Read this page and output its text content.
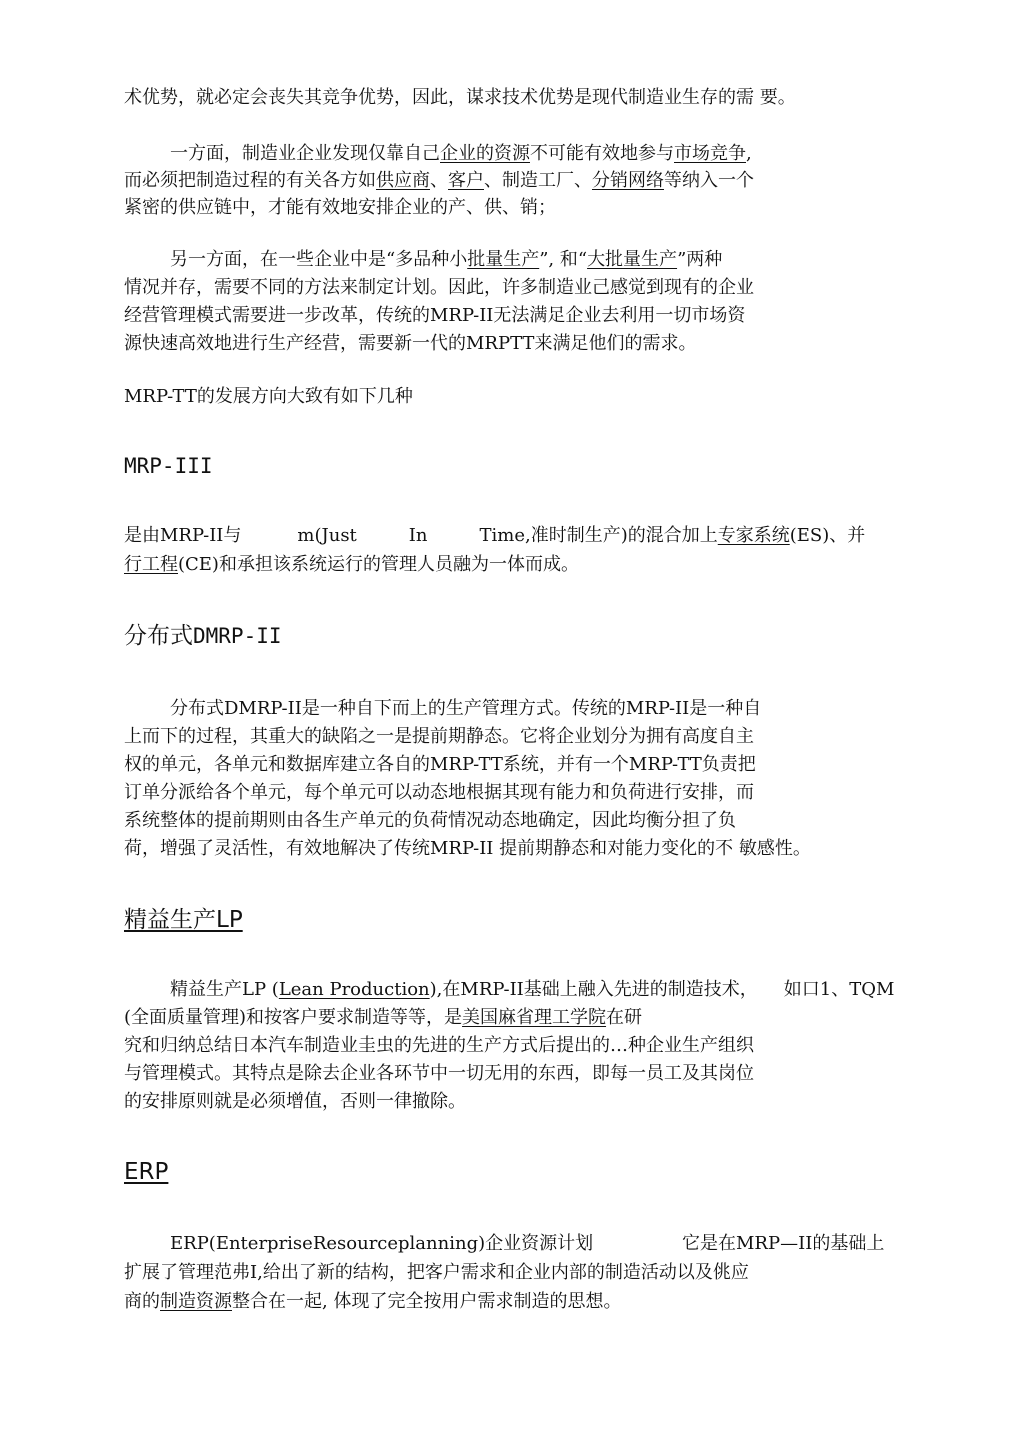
术优势，就必定会丧失其竞争优势，因此，谋求技术优势是现代制造业生存的需 要。
一方面，制造业企业发现仅靠自己企业的资源不可能有效地参与市场竞争,
而必须把制造过程的有关各方如供应商、客户、制造工厂、分销网络等纳入一个
紧密的供应链中，才能有效地安排企业的产、供、销；
另一方面，在一些企业中是“多品种小批量生产”, 和“大批量生产”两种
情况并存，需要不同的方法来制定计划。因此，许多制造业己感觉到现有的企业
经营管理模式需要进一步改革，传统的MRP-II无法满足企业去利用一切市场资
源快速高效地进行生产经营，需要新一代的MRPTT来满足他们的需求。
MRP-TT的发展方向大致有如下几种
MRP-III
是由MRP-II与	m(Just	In	Time,准时制生产)的混合加上专家系统(ES)、并
行工程(CE)和承担该系统运行的管理人员融为一体而成。
分布式DMRP-II
分布式DMRP-II是一种自下而上的生产管理方式。传统的MRP-II是一种自
上而下的过程，其重大的缺陷之一是提前期静态。它将企业划分为拥有高度自主
权的单元，各单元和数据库建立各自的MRP-TT系统，并有一个MRP-TT负责把
订单分派给各个单元，每个单元可以动态地根据其现有能力和负荷进行安排，而
系统整体的提前期则由各生产单元的负荷情况动态地确定，因此均衡分担了负
荷，增强了灵活性，有效地解决了传统MRP-II 提前期静态和对能力变化的不 敏感性。
精益生产LP
精益生产LP (Lean Production),在MRP-II基础上融入先进的制造技术， 如口1、TQM
(全面质量管理)和按客户要求制造等等，是美国麻省理工学院在研
究和归纳总结日本汽车制造业圭虫的先进的生产方式后提出的…种企业生产组织
与管理模式。其特点是除去企业各环节中一切无用的东西，即每一员工及其岗位
的安排原则就是必须增值，否则一律撤除。
ERP
ERP(EnterpriseResourceplanning)企业资源计划	它是在MRP—II的基础上
扩展了管理范弗I,给出了新的结构，把客户需求和企业内部的制造活动以及佻应
商的制造资源整合在一起, 体现了完全按用户需求制造的思想。
